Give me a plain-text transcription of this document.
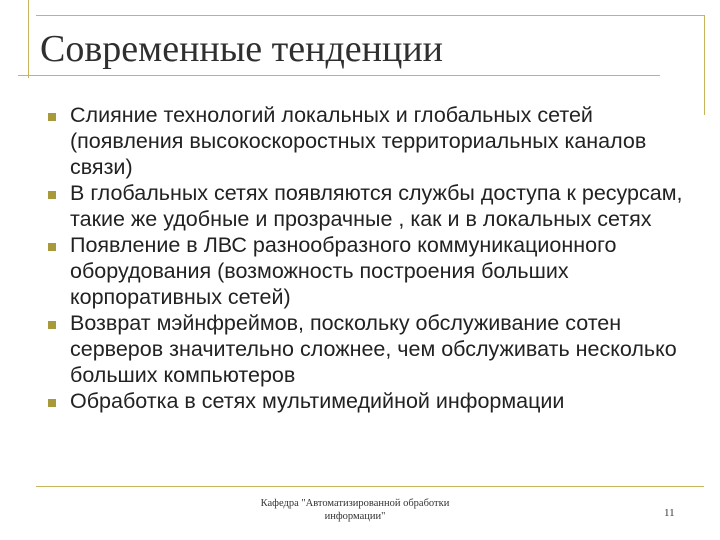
Современные тенденции
Слияние технологий локальных и глобальных сетей (появления высокоскоростных территориальных каналов связи)
В глобальных сетях появляются службы доступа к ресурсам, такие же удобные и прозрачные , как и в локальных сетях
Появление в ЛВС разнообразного коммуникационного оборудования (возможность построения больших корпоративных сетей)
Возврат мэйнфреймов, поскольку обслуживание сотен серверов значительно сложнее, чем обслуживать несколько больших компьютеров
Обработка в сетях мультимедийной информации
Кафедра "Автоматизированной обработки информации"	11
